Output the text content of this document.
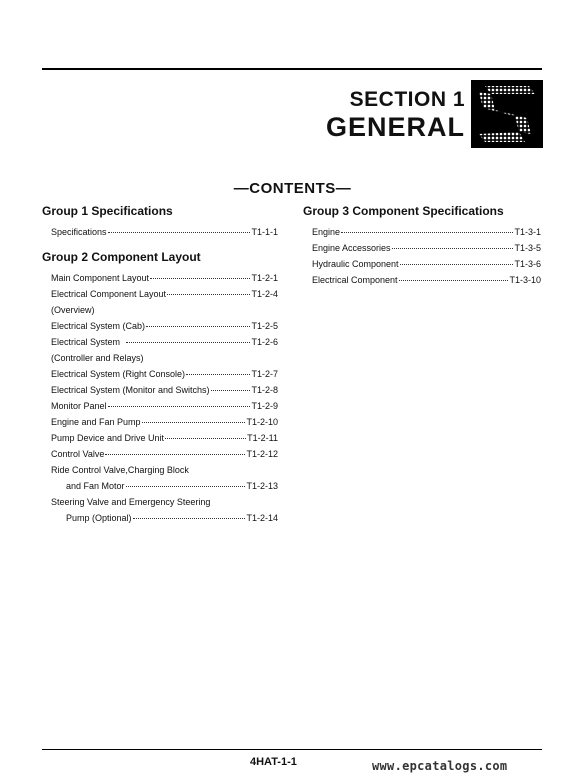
SECTION 1
GENERAL
—CONTENTS—
Group 1 Specifications
Specifications	T1-1-1
Group 2 Component Layout
Main Component Layout	T1-2-1
Electrical Component Layout	T1-2-4
(Overview)
Electrical System (Cab)	T1-2-5
Electrical System	T1-2-6
(Controller and Relays)
Electrical System (Right Console)	T1-2-7
Electrical System (Monitor and Switchs)	T1-2-8
Monitor Panel	T1-2-9
Engine and Fan Pump	T1-2-10
Pump Device and Drive Unit	T1-2-11
Control Valve	T1-2-12
Ride Control Valve,Charging Block
and Fan Motor	T1-2-13
Steering Valve and Emergency Steering
Pump (Optional)	T1-2-14
Group 3 Component Specifications
Engine	T1-3-1
Engine Accessories	T1-3-5
Hydraulic Component	T1-3-6
Electrical Component	T1-3-10
4HAT-1-1	www.epcatalogs.com
